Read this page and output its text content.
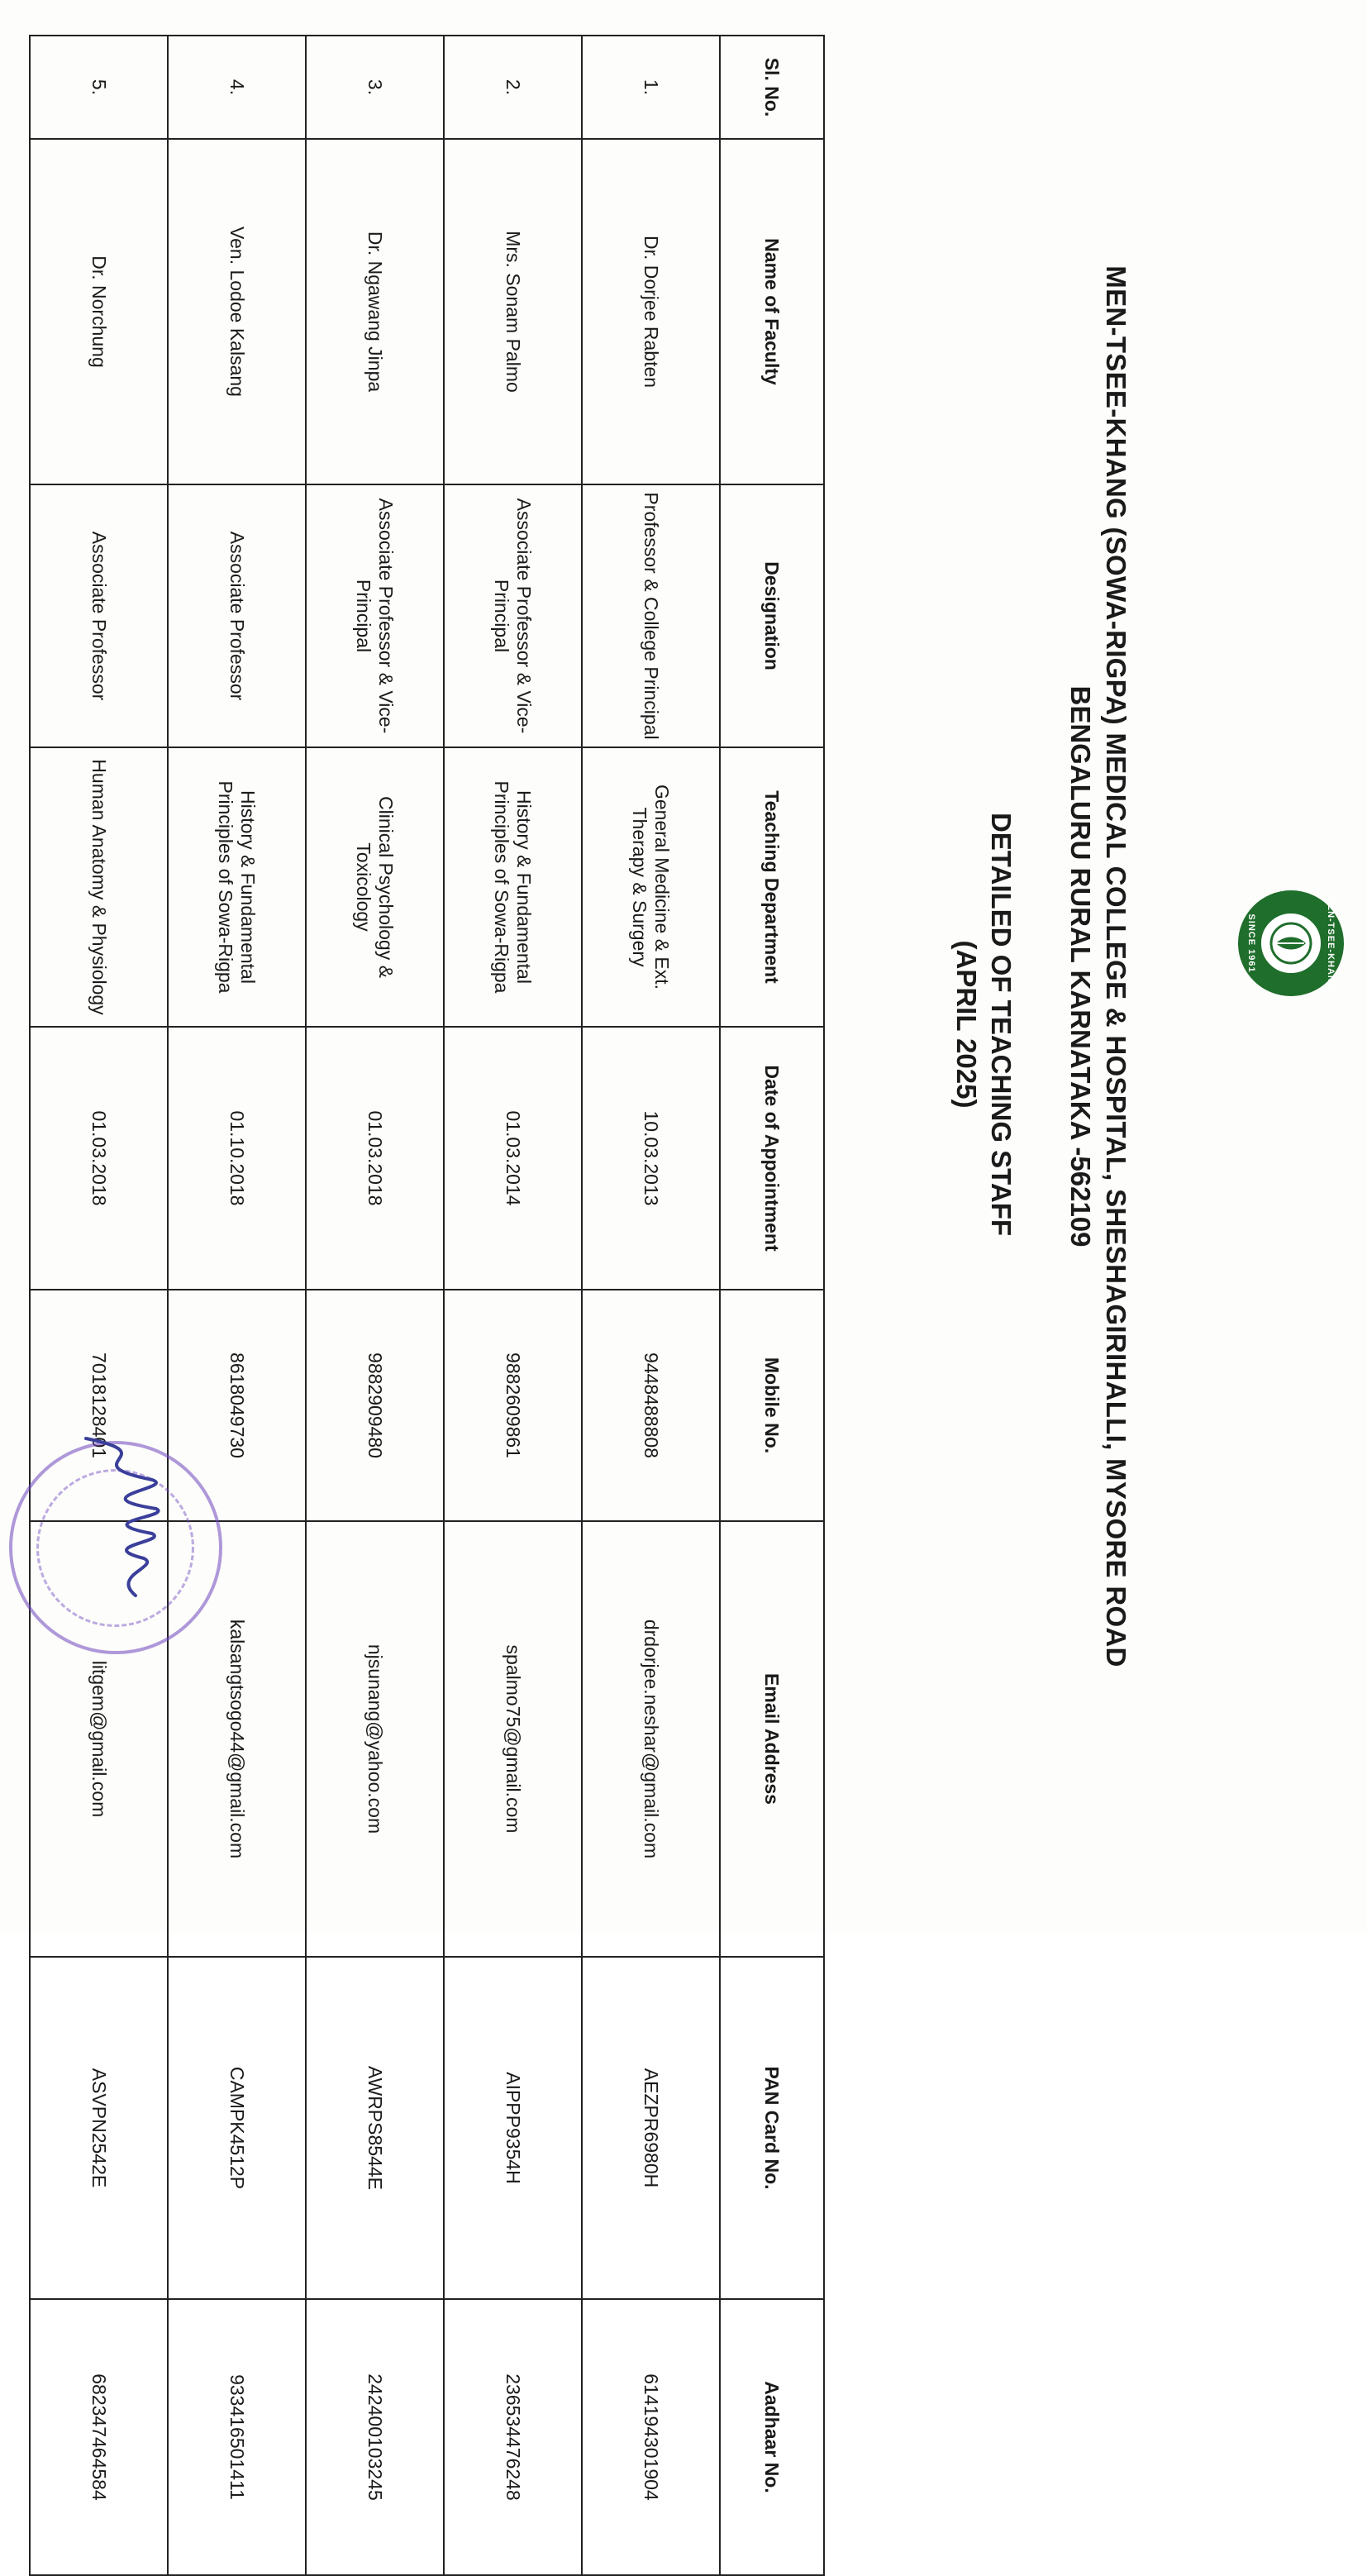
MEN-TSEE-KHANG
SINCE 1961
MEN-TSEE-KHANG (SOWA-RIGPA) MEDICAL COLLEGE & HOSPITAL, SHESHAGIRIHALLI, MYSORE ROAD
BENGALURU RURAL KARNATAKA -562109
DETAILED OF TEACHING STAFF
(APRIL 2025)
Sl. No.	Name of Faculty	Designation	Teaching Department	Date of Appointment	Mobile No.	Email Address	PAN Card No.	Aadhaar No.
1.	Dr. Dorjee Rabten	Professor & College Principal	General Medicine & Ext. Therapy & Surgery	10.03.2013	9448488808	drdorjee.neshar@gmail.com	AEZPR6980H	614194301904
2.	Mrs. Sonam Palmo	Associate Professor & Vice-Principal	History & Fundamental Principles of Sowa-Rigpa	01.03.2014	9882609861	spalmo75@gmail.com	AIPPP9354H	236534476248
3.	Dr. Ngawang Jinpa	Associate Professor & Vice-Principal	Clinical Psychology & Toxicology	01.03.2018	9882909480	njsunang@yahoo.com	AWRPS8544E	242400103245
4.	Ven. Lodoe Kalsang	Associate Professor	History & Fundamental Principles of Sowa-Rigpa	01.10.2018	8618049730	kalsangtsogo44@gmail.com	CAMPK4512P	933416501411
5.	Dr. Norchung	Associate Professor	Human Anatomy & Physiology	01.03.2018	7018128401	litgem@gmail.com	ASVPN2542E	682347464584
